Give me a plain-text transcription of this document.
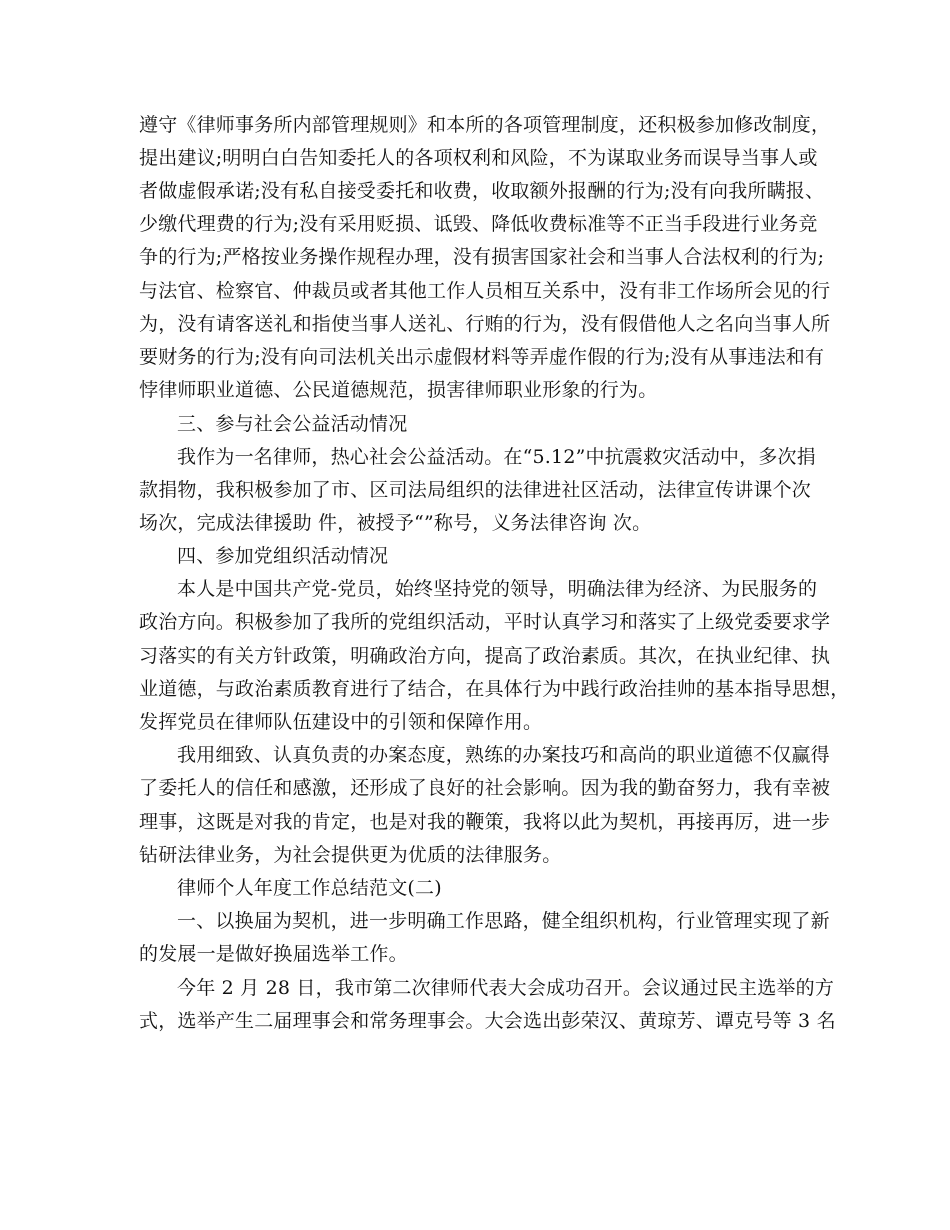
遵守《律师事务所内部管理规则》和本所的各项管理制度，还积极参加修改制度，
提出建议;明明白白告知委托人的各项权利和风险，不为谋取业务而误导当事人或
者做虚假承诺;没有私自接受委托和收费，收取额外报酬的行为;没有向我所瞒报、
少缴代理费的行为;没有采用贬损、诋毁、降低收费标准等不正当手段进行业务竞
争的行为;严格按业务操作规程办理，没有损害国家社会和当事人合法权利的行为;
与法官、检察官、仲裁员或者其他工作人员相互关系中，没有非工作场所会见的行
为，没有请客送礼和指使当事人送礼、行贿的行为，没有假借他人之名向当事人所
要财务的行为;没有向司法机关出示虚假材料等弄虚作假的行为;没有从事违法和有
悖律师职业道德、公民道德规范，损害律师职业形象的行为。
三、参与社会公益活动情况
我作为一名律师，热心社会公益活动。在“5.12”中抗震救灾活动中，多次捐
款捐物，我积极参加了市、区司法局组织的法律进社区活动，法律宣传讲课个次
场次，完成法律援助 件，被授予“”称号，义务法律咨询 次。
四、参加党组织活动情况
本人是中国共产党-党员，始终坚持党的领导，明确法律为经济、为民服务的
政治方向。积极参加了我所的党组织活动，平时认真学习和落实了上级党委要求学
习落实的有关方针政策，明确政治方向，提高了政治素质。其次，在执业纪律、执
业道德，与政治素质教育进行了结合，在具体行为中践行政治挂帅的基本指导思想，
发挥党员在律师队伍建设中的引领和保障作用。
我用细致、认真负责的办案态度，熟练的办案技巧和高尚的职业道德不仅赢得
了委托人的信任和感激，还形成了良好的社会影响。因为我的勤奋努力，我有幸被
理事，这既是对我的肯定，也是对我的鞭策，我将以此为契机，再接再厉，进一步
钻研法律业务，为社会提供更为优质的法律服务。
律师个人年度工作总结范文(二)
一、以换届为契机，进一步明确工作思路，健全组织机构，行业管理实现了新
的发展一是做好换届选举工作。
今年 2 月 28 日，我市第二次律师代表大会成功召开。会议通过民主选举的方
式，选举产生二届理事会和常务理事会。大会选出彭荣汉、黄琼芳、谭克号等 3 名
